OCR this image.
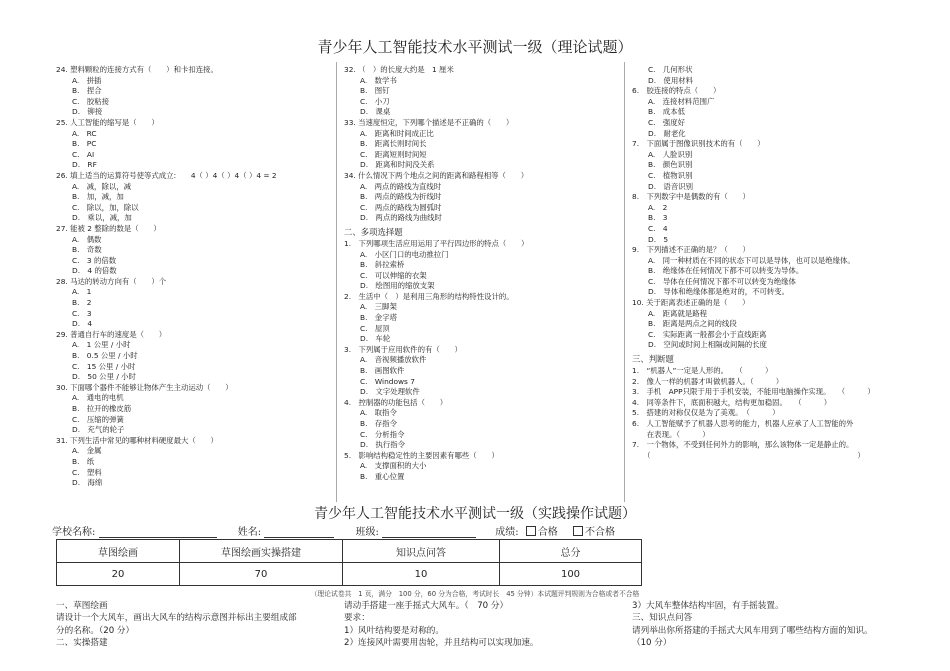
青少年人工智能技术水平测试一级（理论试题）
24. 塑料颗粒的连接方式有（　　）和卡扣连接。
A.　拼插
B.　捏合
C.　胶粘接
D.　铆接
25. 人工智能的缩写是（　　）
A.　RC
B.　PC
C.　AI
D.　RF
26. 填上适当的运算符号使等式成立:　　4（ ）4（ ）4（ ）4 = 2
A.　减，除以，减
B.　加，减，加
C.　除以，加，除以
D.　乘以，减，加
27. 能被 2 整除的数是（　　）
A.　偶数
B.　奇数
C.　3 的倍数
D.　4 的倍数
28. 马达的转动方向有（　　）个
A.　1
B.　2
C.　3
D.　4
29. 普通自行车的速度是（　　）
A.　1 公里 / 小时
B.　0.5 公里 / 小时
C.　15 公里 / 小时
D.　50 公里 / 小时
30. 下面哪个器件不能够让物体产生主动运动（　　）
A.　通电的电机
B.　拉开的橡皮筋
C.　压缩的弹簧
D.　充气的轮子
31. 下列生活中常见的哪种材料硬度最大（　　）
A.　金属
B.　纸
C.　塑料
D.　海绵
32. （　）的长度大约是　1 厘米
A.　数学书
B.　图钉
C.　小刀
D.　课桌
33. 当速度恒定，下列哪个描述是不正确的（　　）
A.　距离和时间成正比
B.　距离长则时间长
C.　距离短则时间短
D.　距离和时间没关系
34. 什么情况下两个地点之间的距离和路程相等（　　）
A.　两点的路线为直线时
B.　两点的路线为折线时
C.　两点的路线为圆弧时
D.　两点的路线为曲线时
二、多项选择题
1.　下列哪项生活应用运用了平行四边形的特点（　　）
A.　小区门口的电动推拉门
B.　斜拉索桥
C.　可以伸缩的衣架
D.　绘图用的缩放支架
2.　生活中（　）是利用三角形的结构特性设计的。
A.　三脚架
B.　金字塔
C.　屋顶
D.　车轮
3.　下列属于应用软件的有（　　）
A.　音视频播放软件
B.　画图软件
C.　Windows 7
D.　文字处理软件
4.　控制器的功能包括（　　）
A.　取指令
B.　存指令
C.　分析指令
D.　执行指令
5.　影响结构稳定性的主要因素有哪些（　　）
A.　支撑面积的大小
B.　重心位置
C.　几何形状
D.　使用材料
6.　胶连接的特点（　　）
A.　连接材料范围广
B.　成本低
C.　强度好
D.　耐老化
7.　下面属于图像识别技术的有（　　）
A.　人脸识别
B.　颜色识别
C.　植物识别
D.　语音识别
8.　下列数字中是偶数的有（　　）
A.　2
B.　3
C.　4
D.　5
9.　下列描述不正确的是？（　　）
A.　同一种材质在不同的状态下可以是导体，也可以是绝缘体。
B.　绝缘体在任何情况下都不可以转变为导体。
C.　导体在任何情况下都不可以转变为绝缘体
D.　导体和绝缘体都是绝对的，不可转变。
10. 关于距离表述正确的是（　　）
A.　距离就是路程
B.　距离是两点之间的线段
C.　实际距离一般都会小于直线距离
D.　空间或时间上相隔或间隔的长度
三、判断题
1.　“机器人”一定是人形的。　　（　　　）
2.　像人一样的机器才叫做机器人。（　　　）
3.　手机　APP只限于用于手机安装，不能用电脑操作实现。　　（　　　）
4.　同等条件下，底面积越大，结构更加稳固。　　（　　　）
5.　搭建的对称仅仅是为了美观。　（　　　）
6.　人工智能赋予了机器人思考的能力，机器人应承了人工智能的外
　　在表现。（　　　）
7.　一个物体，不受到任何外力的影响，那么该物体一定是静止的。
　　（　　　　　　　　　　　　　　　　　　　　　　　　　　　　）
青少年人工智能技术水平测试一级（实践操作试题）
学校名称:	姓名:	班级:	成绩: 合格	不合格
草图绘画	草图绘画实操搭建	知识点问答	总分
20	70	10	100
（理论试卷共　1 页，满分　100 分，60 分为合格，考试时长　45 分钟）本试题评判规则为合格或者不合格
一、草图绘画
请设计一个大风车，画出大风车的结构示意图并标出主要组成部
分的名称。（20 分）
二、实操搭建
请动手搭建一座手摇式大风车。（　70 分）
要求：
1）风叶结构要是对称的。
2）连接风叶需要用齿轮，并且结构可以实现加速。
3）大风车整体结构牢固，有手摇装置。
三、知识点问答
请列举出你所搭建的手摇式大风车用到了哪些结构方面的知识。
（10 分）
